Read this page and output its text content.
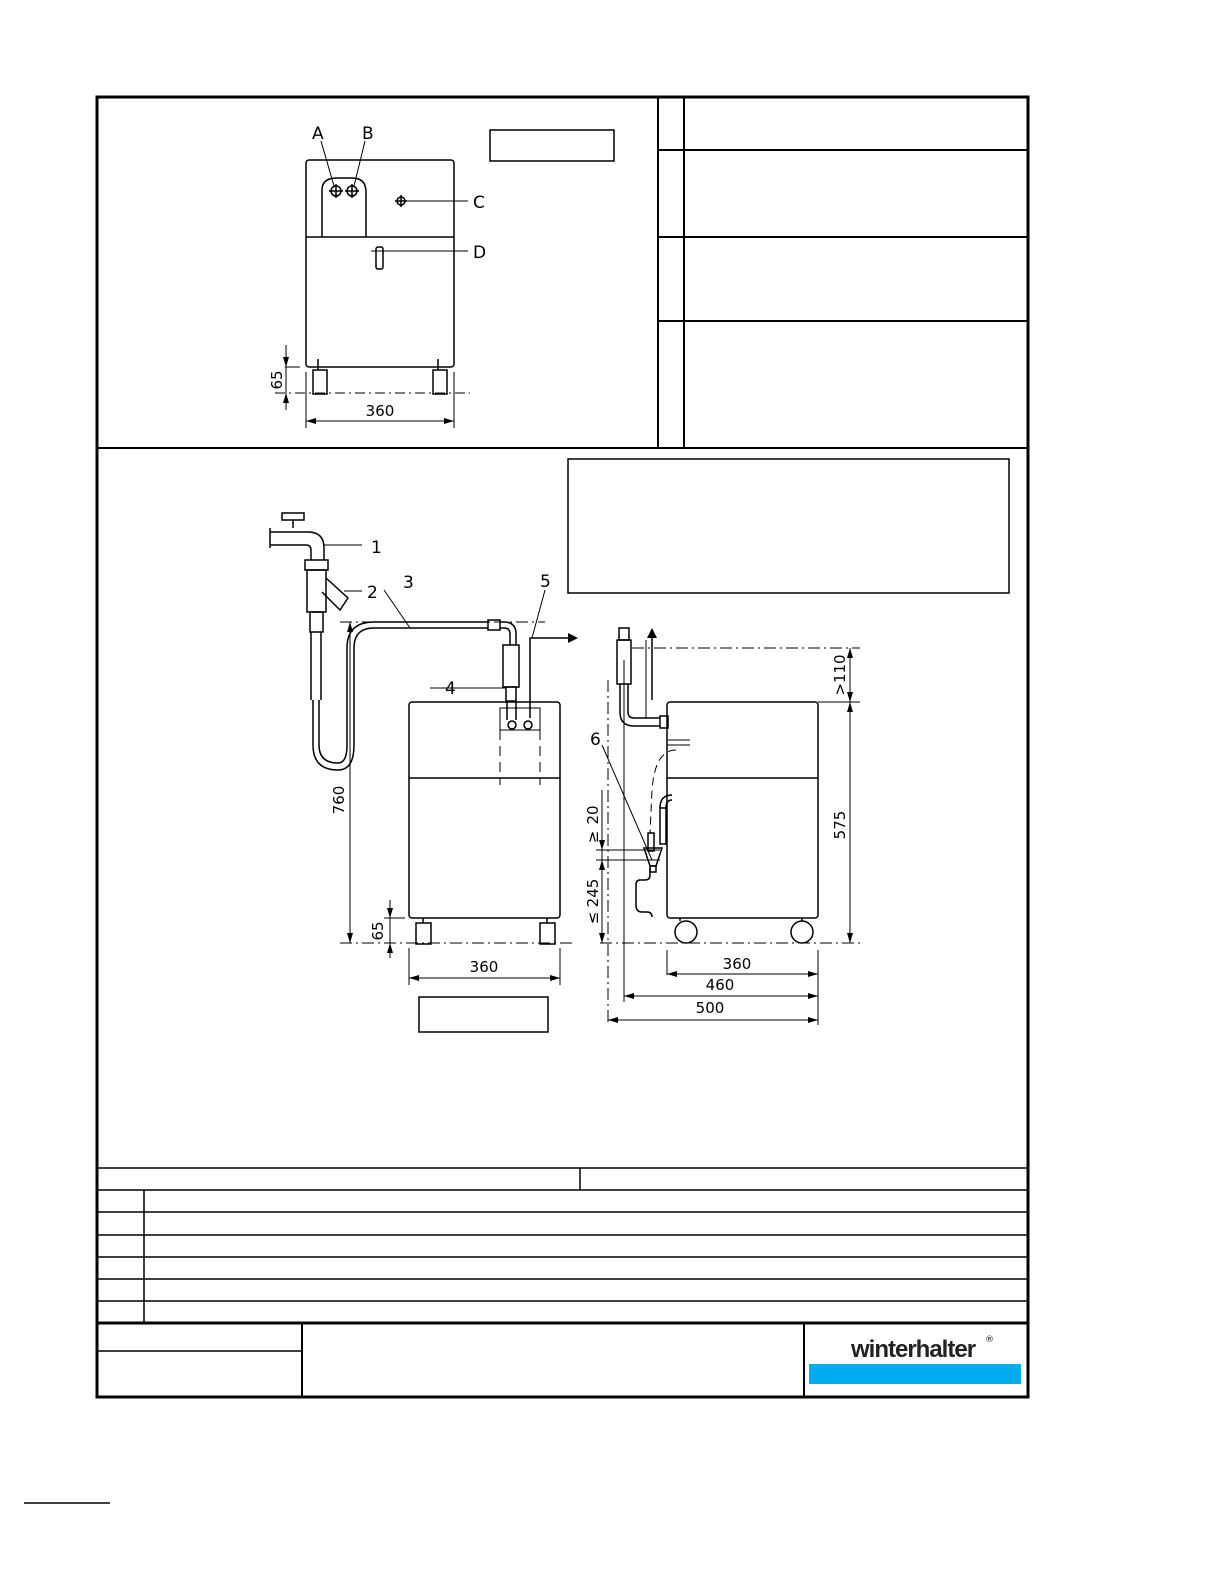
winterhalter ®
A B
C
D
65
360
1
2 3
4
5
6
760
65
360
>110
575
20
≥
245
≤
360
460
500
